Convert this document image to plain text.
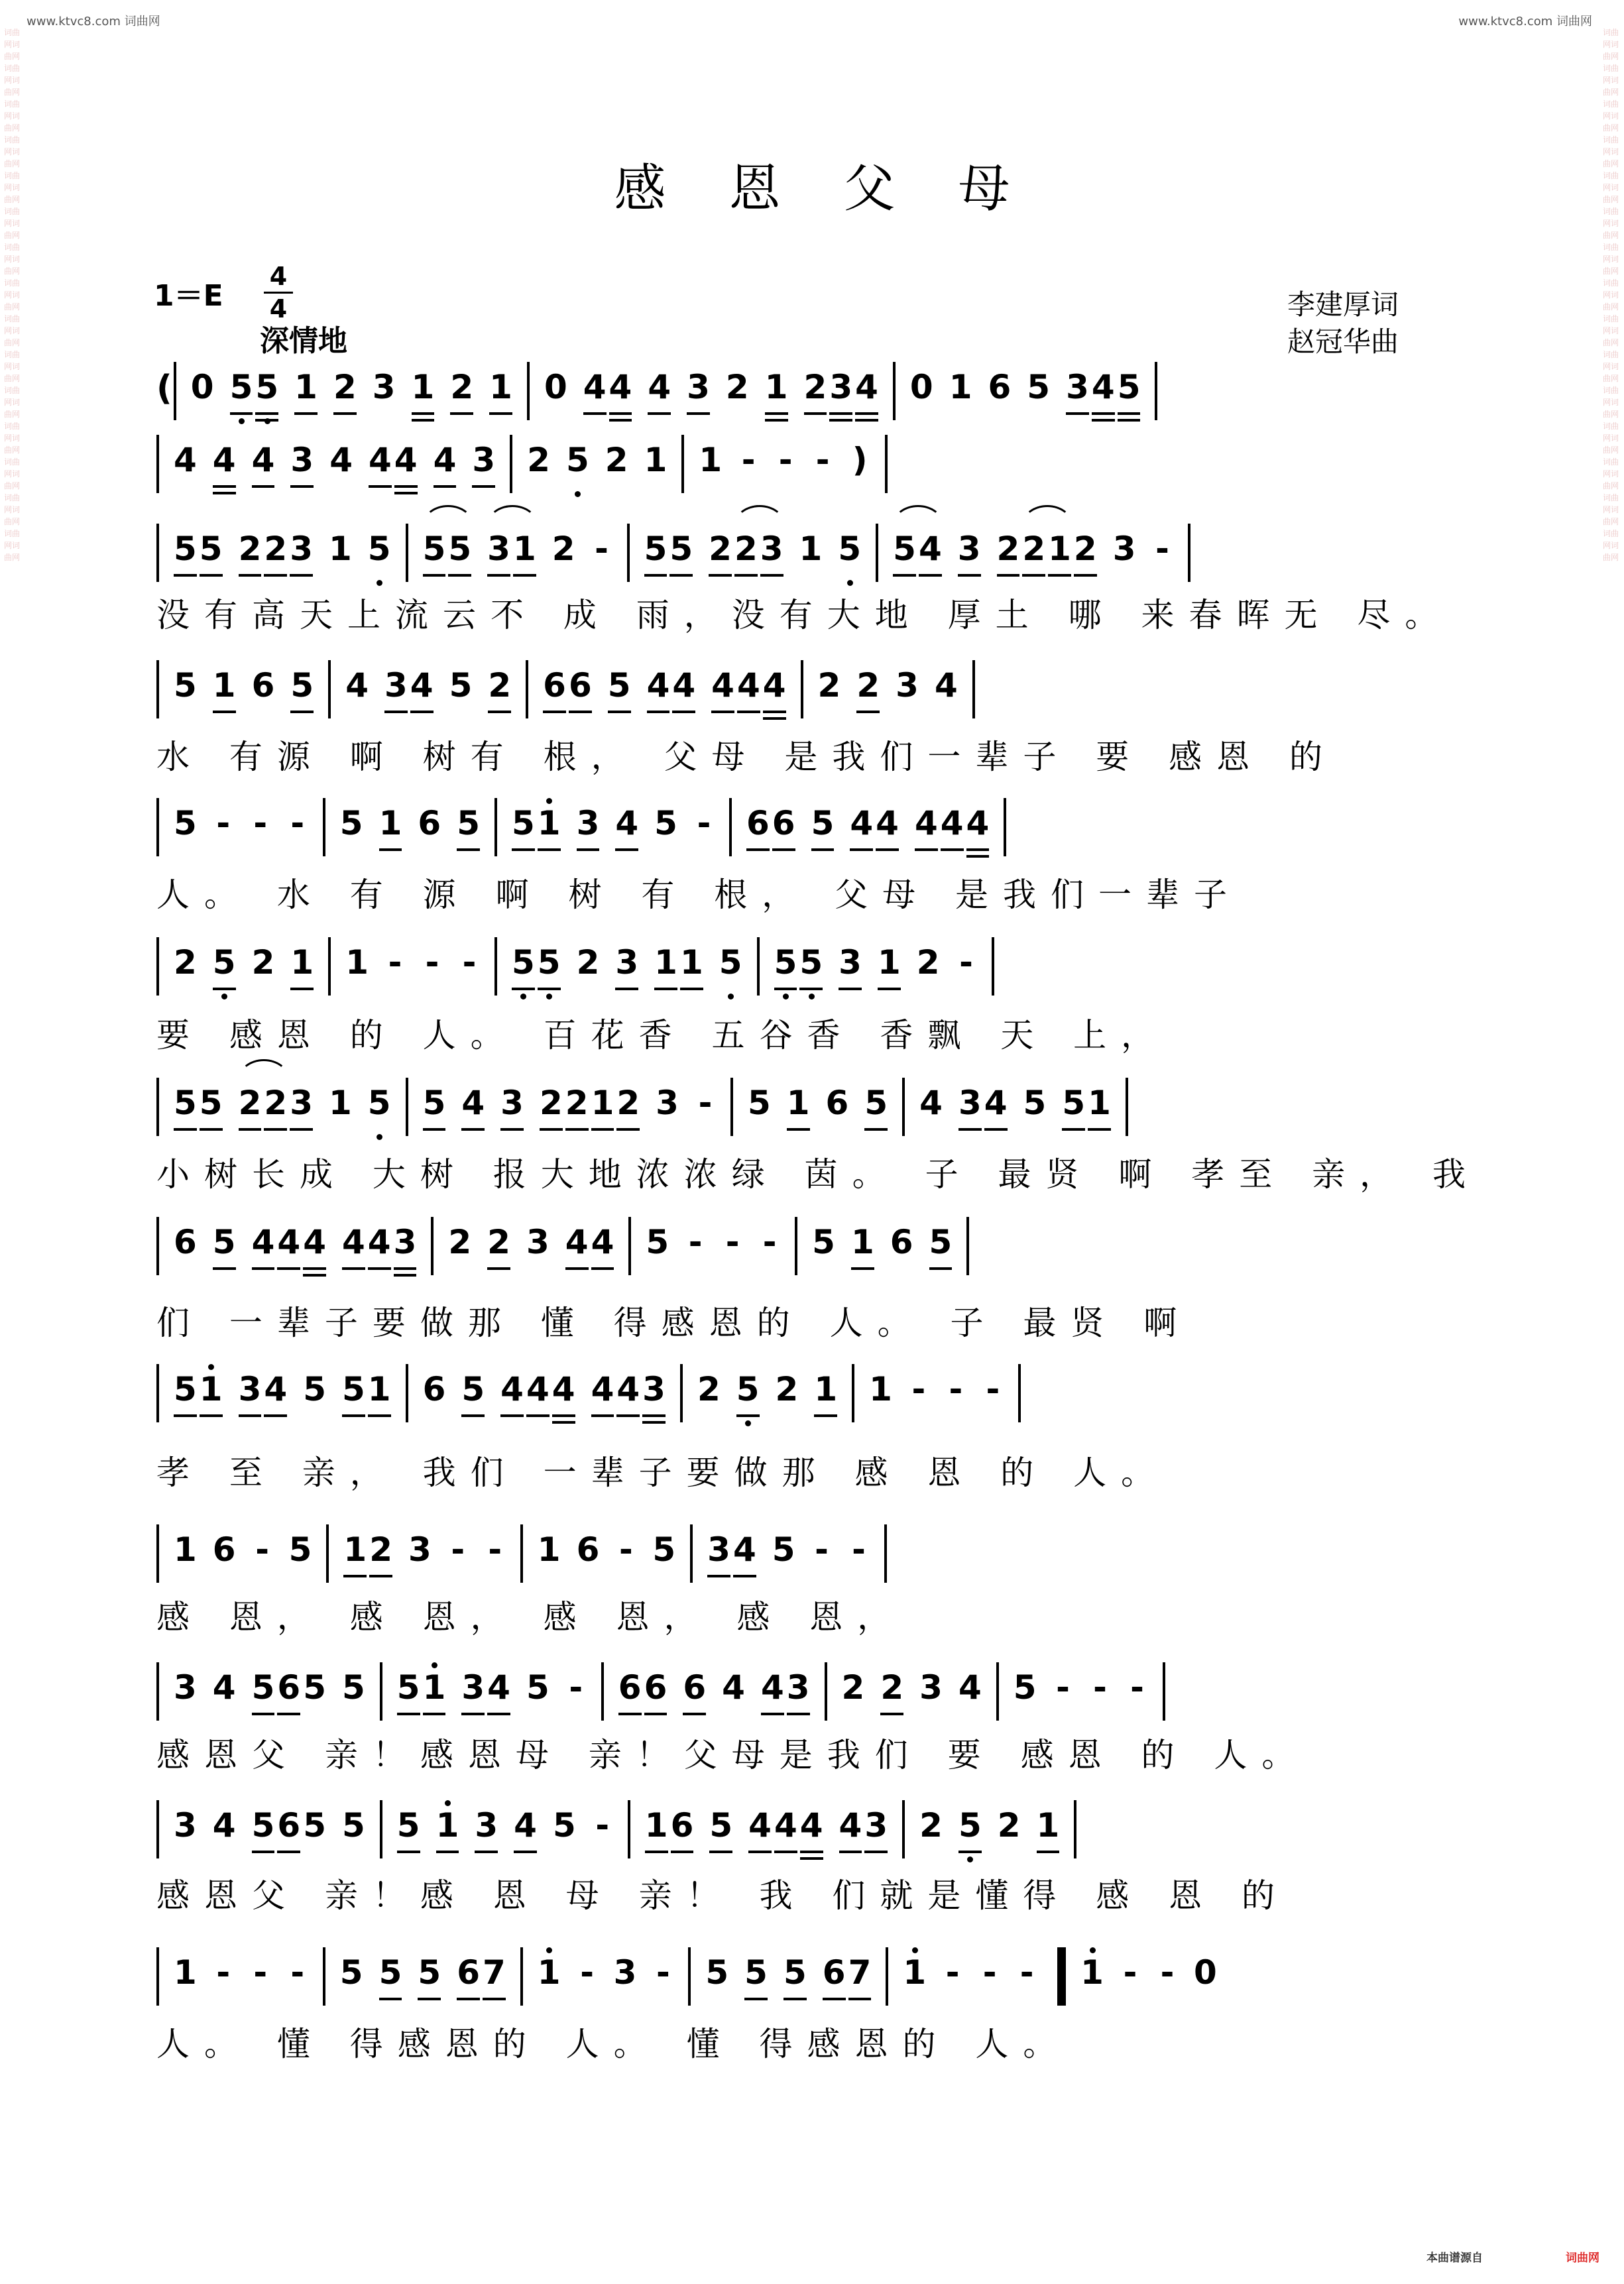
词曲网词曲网词曲网词曲网词曲网词曲网词曲网词曲网词曲网词曲网词曲网词曲网词曲网词曲网词曲网词曲网词曲网词曲网词曲网词曲网词曲网词曲网词曲网词曲网词曲网词曲网词曲网词曲网词曲网词曲网
词曲网词曲网词曲网词曲网词曲网词曲网词曲网词曲网词曲网词曲网词曲网词曲网词曲网词曲网词曲网词曲网词曲网词曲网词曲网词曲网词曲网词曲网词曲网词曲网词曲网词曲网词曲网词曲网词曲网词曲网
www.ktvc8.com 词曲网	www.ktvc8.com 词曲网
感恩父母
1＝E
4
4
深情地
李建厚词
赵冠华曲
( 0 5 5 1 2 3 1 2 1 0 4 4 4 3 2 1 2 3 4 0 1 6 5 3 4 5
4 4 4 3 4 4 4 4 3 2 5 2 1 1 - - - )
5 5 2 2 3 1 5 5 5 3 1 2 - 5 5 2 2 3 1 5 5 4 3 2 2 1 2 3 -
5 1 6 5 4 3 4 5 2 6 6 5 4 4 4 4 4 2 2 3 4
5 - - - 5 1 6 5 5 1 3 4 5 - 6 6 5 4 4 4 4 4
2 5 2 1 1 - - - 5 5 2 3 1 1 5 5 5 3 1 2 -
5 5 2 2 3 1 5 5 4 3 2 2 1 2 3 - 5 1 6 5 4 3 4 5 5 1
6 5 4 4 4 4 4 3 2 2 3 4 4 5 - - - 5 1 6 5
5 1 3 4 5 5 1 6 5 4 4 4 4 4 3 2 5 2 1 1 - - -
1 6 - 5 1 2 3 - - 1 6 - 5 3 4 5 - -
3 4 5 6 5 5 5 1 3 4 5 - 6 6 6 4 4 3 2 2 3 4 5 - - -
3 4 5 6 5 5 5 1 3 4 5 - 1 6 5 4 4 4 4 3 2 5 2 1
1 - - - 5 5 5 6 7 1 - 3 - 5 5 5 6 7 1 - - - 1 - - 0
没有高天上流云不 成 雨，没有大地 厚土 哪 来春晖无 尽。
水 有源 啊 树有 根， 父母 是我们一辈子 要 感恩 的
人。 水 有 源 啊 树 有 根， 父母 是我们一辈子
要 感恩 的 人。 百花香 五谷香 香飘 天 上，
小树长成 大树 报大地浓浓绿 茵。 子 最贤 啊 孝至 亲， 我
们 一辈子要做那 懂 得感恩的 人。 子 最贤 啊
孝 至 亲， 我们 一辈子要做那 感 恩 的 人。
感 恩， 感 恩， 感 恩， 感 恩，
感恩父 亲！感恩母 亲！父母是我们 要 感恩 的 人。
感恩父 亲！感 恩 母 亲！ 我 们就是懂得 感 恩 的
人。 懂 得感恩的 人。 懂 得感恩的 人。
本曲谱源自	词曲网
